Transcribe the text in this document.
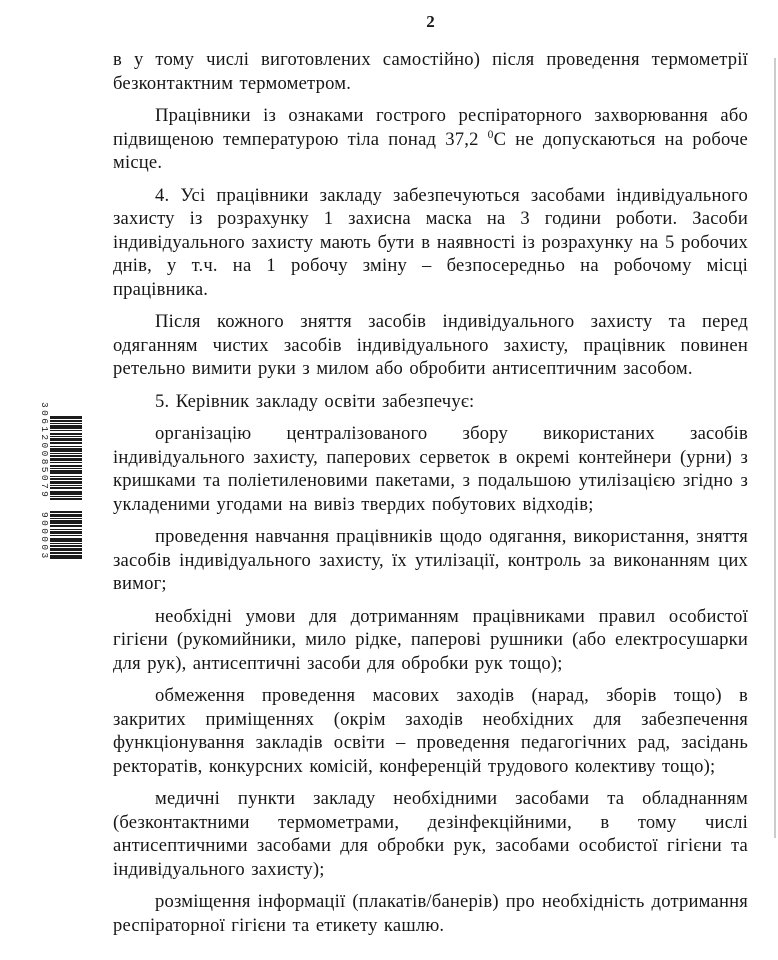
2
306120085079
900003

в у тому числі виготовлених самостійно) після проведення термометрії безконтактним термометром.

Працівники із ознаками гострого респіраторного захворювання або підвищеною температурою тіла понад 37,2 $^0$С не допускаються на робоче місце.

4. Усі працівники закладу забезпечуються засобами індивідуального захисту із розрахунку 1 захисна маска на 3 години роботи. Засоби індивідуального захисту мають бути в наявності із розрахунку на 5 робочих днів, у т.ч. на 1 робочу зміну – безпосередньо на робочому місці працівника.

Після кожного зняття засобів індивідуального захисту та перед одяганням чистих засобів індивідуального захисту, працівник повинен ретельно вимити руки з милом або обробити антисептичним засобом.

5. Керівник закладу освіти забезпечує:

організацію централізованого збору використаних засобів індивідуального захисту, паперових серветок в окремі контейнери (урни) з кришками та поліетиленовими пакетами, з подальшою утилізацією згідно з укладеними угодами на вивіз твердих побутових відходів;

проведення навчання працівників щодо одягання, використання, зняття засобів індивідуального захисту, їх утилізації, контроль за виконанням цих вимог;

необхідні умови для дотриманням працівниками правил особистої гігієни (рукомийники, мило рідке, паперові рушники (або електросушарки для рук), антисептичні засоби для обробки рук тощо);

обмеження проведення масових заходів (нарад, зборів тощо) в закритих приміщеннях (окрім заходів необхідних для забезпечення функціонування закладів освіти – проведення педагогічних рад, засідань ректоратів, конкурсних комісій, конференцій трудового колективу тощо);

медичні пункти закладу необхідними засобами та обладнанням (безконтактними термометрами, дезінфекційними, в тому числі антисептичними засобами для обробки рук, засобами особистої гігієни та індивідуального захисту);

розміщення інформації (плакатів/банерів) про необхідність дотримання респіраторної гігієни та етикету кашлю.
